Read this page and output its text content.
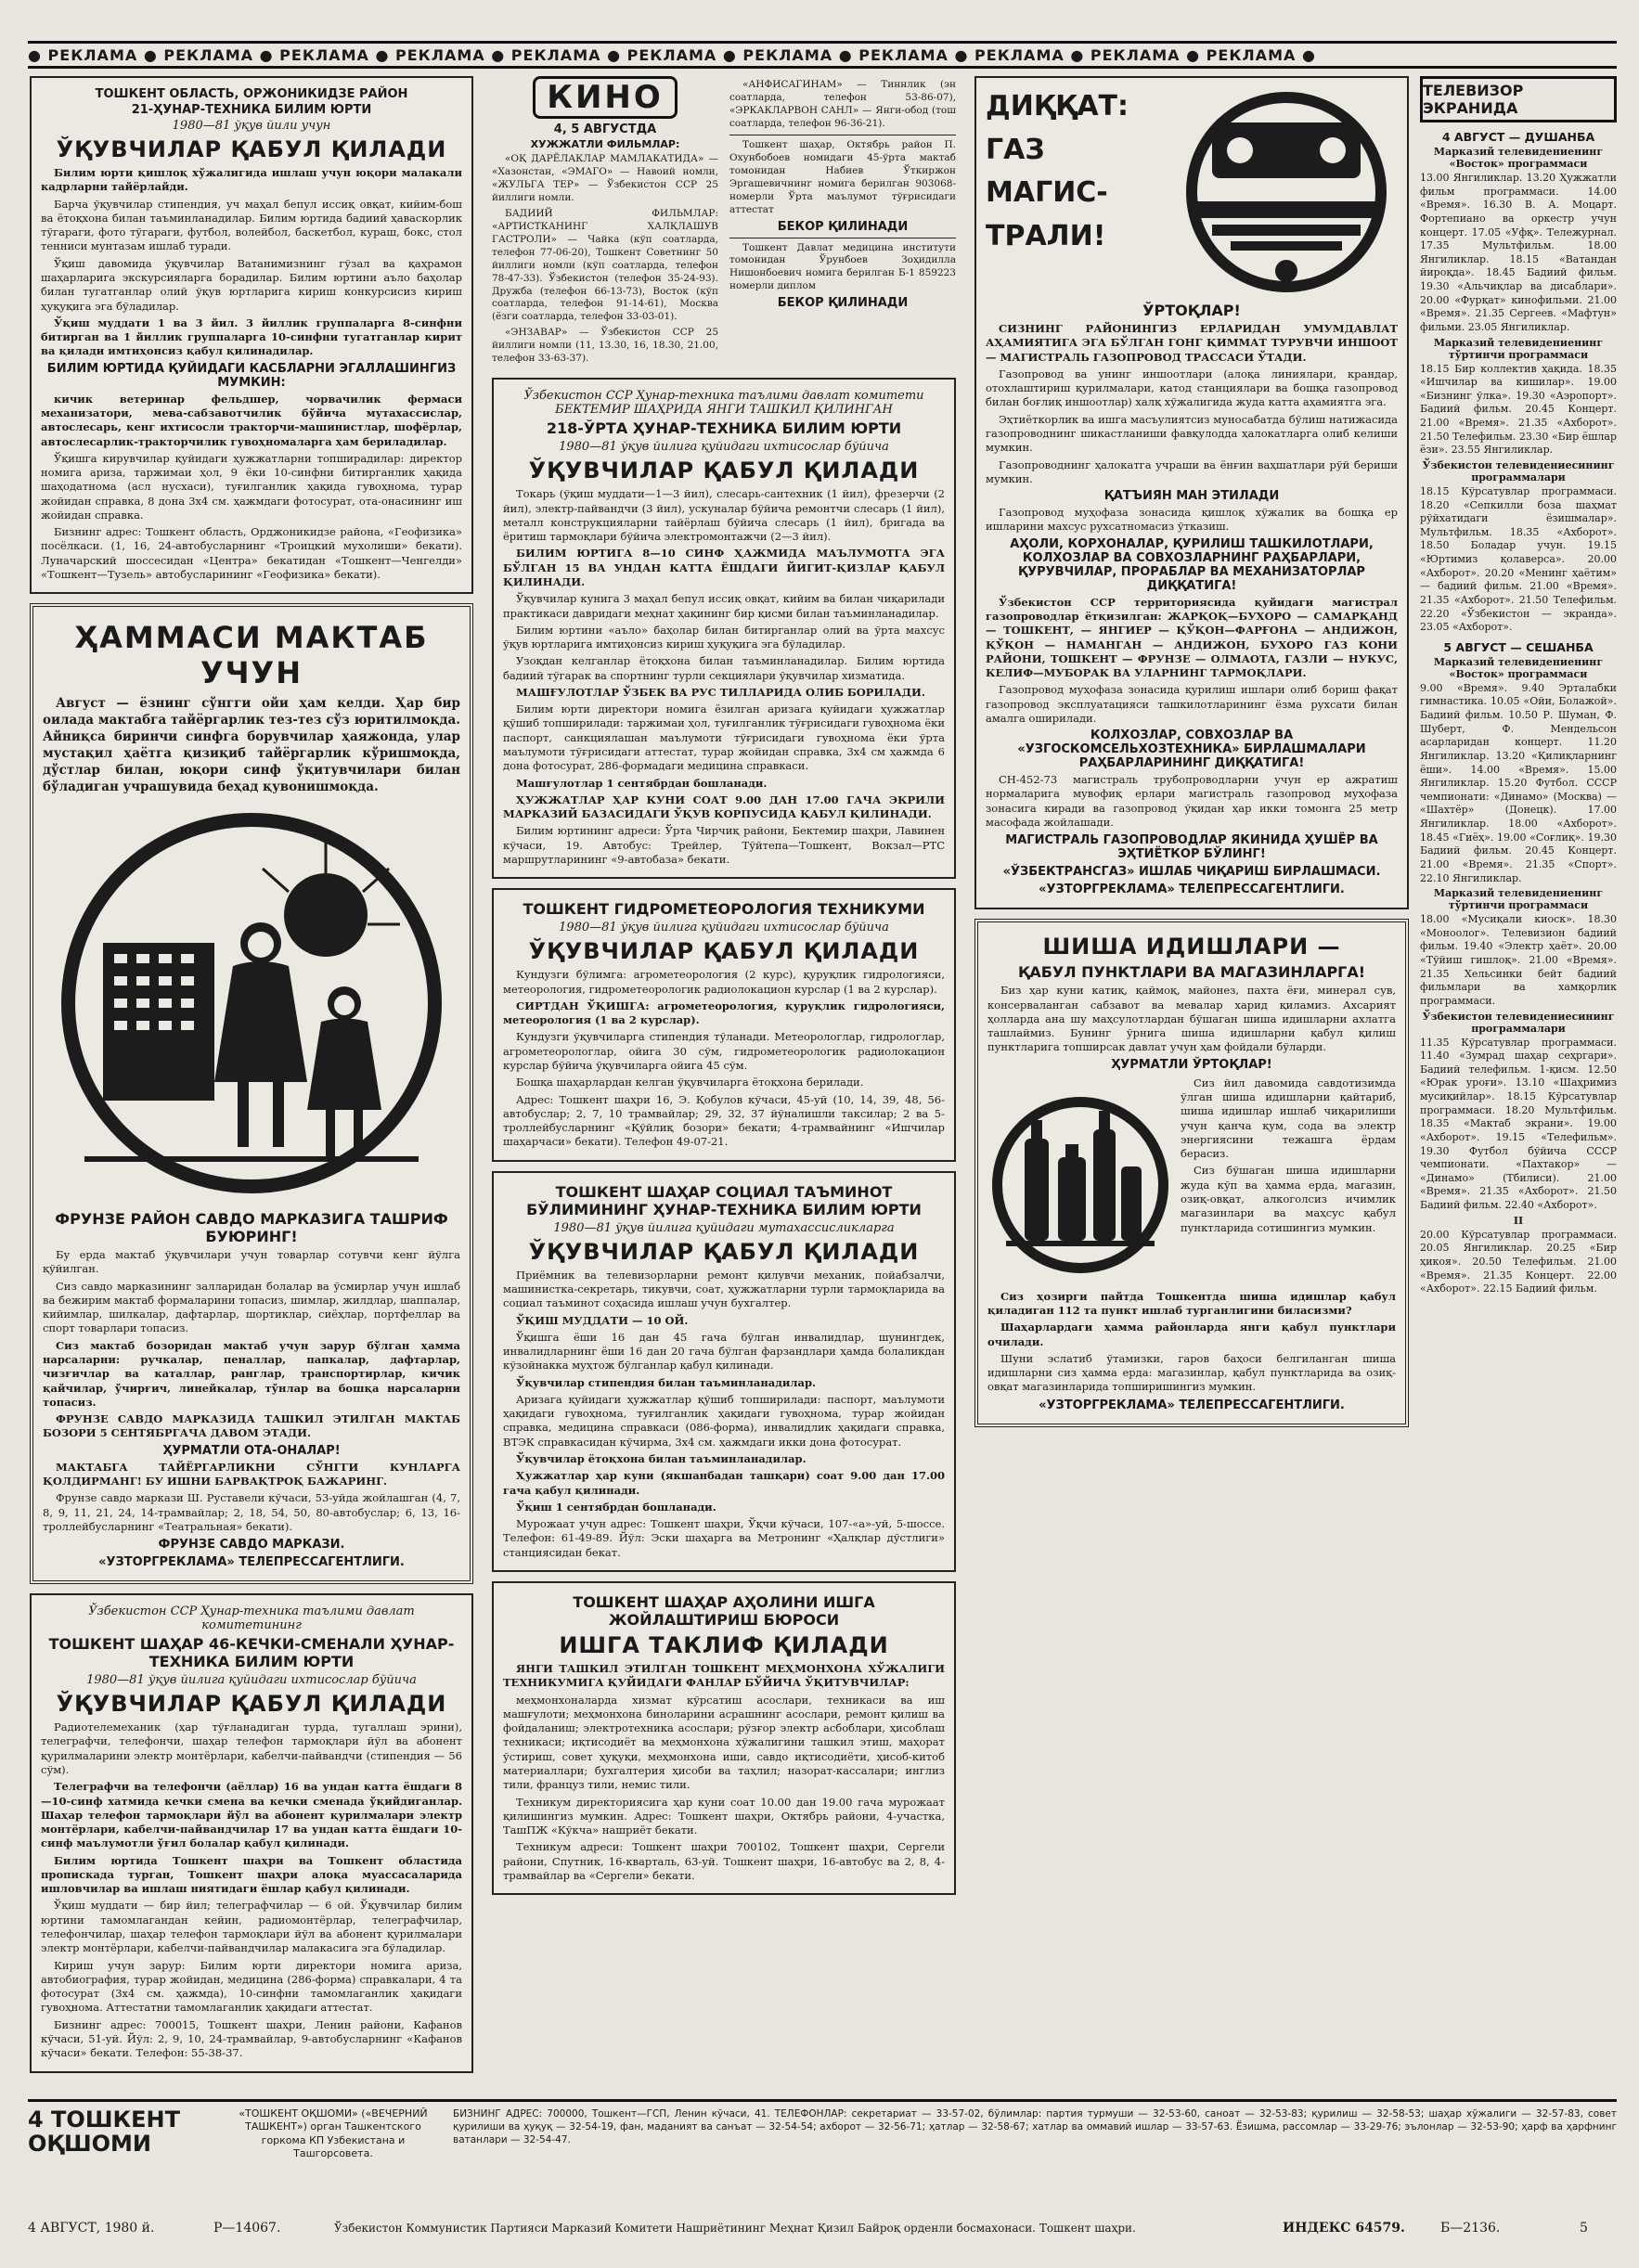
● РЕКЛАМА ● РЕКЛАМА ● РЕКЛАМА ● РЕКЛАМА ● РЕКЛАМА ● РЕКЛАМА ● РЕКЛАМА ● РЕКЛАМА ● РЕКЛАМА ● РЕКЛАМА ● РЕКЛАМА ●
ТОШКЕНТ ОБЛАСТЬ, ОРЖОНИКИДЗЕ РАЙОН
21-ҲУНАР-ТЕХНИКА БИЛИМ ЮРТИ
1980—81 ўқув йили учун
ЎҚУВЧИЛАР ҚАБУЛ ҚИЛАДИ

Билим юрти қишлоқ хўжалигида ишлаш учун юқори малакали кадрларни тайёрлайди.

Барча ўқувчилар стипендия, уч маҳал бепул иссиқ овқат, кийим-бош ва ётоқхона билан таъминланадилар. Билим юртида бадиий ҳаваскорлик тўгараги, фото тўгараги, футбол, волейбол, баскетбол, кураш, бокс, стол тенниси мунтазам ишлаб туради.

Ўқиш давомида ўқувчилар Ватанимизнинг гўзал ва қаҳрамон шаҳарларига экскурсияларга борадилар. Билим юртини аъло баҳолар билан тугатганлар олий ўқув юртларига кириш конкурсисиз кириш ҳуқуқига эга бўладилар.

Ўқиш муддати 1 ва 3 йил. 3 йиллик группаларга 8-синфни битирган ва 1 йиллик группаларга 10-синфни тугатганлар кирит ва қилади имтиҳонсиз қабул қилинадилар.

БИЛИМ ЮРТИДА ҚУЙИДАГИ КАСБЛАРНИ ЭГАЛЛАШИНГИЗ МУМКИН:

кичик ветеринар фельдшер, чорвачилик фермаси механизатори, мева-сабзавотчилик бўйича мутахассислар, автослесарь, кенг ихтисосли тракторчи-машинистлар, шофёрлар, автослесарлик-тракторчилик гувоҳномаларга ҳам бериладилар.

Ўқишга кирувчилар қуйидаги ҳужжатларни топширадилар: директор номига ариза, таржимаи ҳол, 9 ёки 10-синфни битирганлик ҳақида шаҳодатнома (асл нусхаси), туғилганлик ҳақида гувоҳнома, турар жойидан справка, 8 дона 3х4 см. ҳажмдаги фотосурат, ота-онасининг иш жойидан справка.

Бизнинг адрес: Тошкент область, Орджоникидзе района, «Геофизика» посёлкаси. (1, 16, 24-автобусларнинг «Троицкий мухолиши» бекати). Луначарский шоссесидан «Центра» бекатидан «Тошкент—Ченгелди» «Тошкент—Тузель» автобусларининг «Геофизика» бекати).

ҲАММАСИ МАКТАБ УЧУН

Август — ёзнинг сўнгги ойи ҳам келди. Ҳар бир оилада мактабга тайёргарлик тез-тез сўз юритилмоқда. Айниқса биринчи синфга борувчилар ҳаяжонда, улар мустақил ҳаётга қизиқиб тайёргарлик кўришмоқда, дўстлар билан, юқори синф ўқитувчилари билан бўладиган учрашувида беҳад қувонишмоқда.

ФРУНЗЕ РАЙОН САВДО МАРКАЗИГА ТАШРИФ БУЮРИНГ!

Бу ерда мактаб ўқувчилари учун товарлар сотувчи кенг йўлга қўйилган.

Сиз савдо марказининг залларидан болалар ва ўсмирлар учун ишлаб ва бежирим мактаб формаларини топасиз, шимлар, жилдлар, шаппалар, кийимлар, шилкалар, дафтарлар, шортиклар, сиёҳлар, портфеллар ва спорт товарлари топасиз.

Сиз мактаб бозоридан мактаб учун зарур бўлган ҳамма нарсаларни: ручкалар, пеналлар, папкалар, дафтарлар, чизғичлар ва каталлар, ранглар, транспортирлар, кичик қайчилар, ўчирғич, линейкалар, тўнлар ва бошқа нарсаларни топасиз.

ФРУНЗЕ САВДО МАРКАЗИДА ТАШКИЛ ЭТИЛГАН МАКТАБ БОЗОРИ 5 СЕНТЯБРГАЧА ДАВОМ ЭТАДИ.

ҲУРМАТЛИ ОТА-ОНАЛАР!

МАКТАБГА ТАЙЁРГАРЛИКНИ СЎНГГИ КУНЛАРГА ҚОЛДИРМАНГ! БУ ИШНИ БАРВАҚТРОҚ БАЖАРИНГ.

Фрунзе савдо маркази Ш. Руставели кўчаси, 53-уйда жойлашган (4, 7, 8, 9, 11, 21, 24, 14-трамвайлар; 2, 18, 54, 50, 80-автобуслар; 6, 13, 16-троллейбусларнинг «Театральная» бекати).

ФРУНЗЕ САВДО МАРКАЗИ.
«УЗТОРГРЕКЛАМА» ТЕЛЕПРЕССАГЕНТЛИГИ.
Ўзбекистон ССР Ҳунар-техника таълими давлат комитетининг
ТОШКЕНТ ШАҲАР 46-КЕЧКИ-СМЕНАЛИ ҲУНАР-ТЕХНИКА БИЛИМ ЮРТИ
1980—81 ўқув йилига қуйидаги ихтисослар бўйича
ЎҚУВЧИЛАР ҚАБУЛ ҚИЛАДИ

Радиотелемеханик (ҳар тўғланадиган турда, тугаллаш эрини), телеграфчи, телефончи, шаҳар телефон тармоқлари йўл ва абонент қурилмаларини электр монтёрлари, кабелчи-пайвандчи (стипендия — 56 сўм).

Телеграфчи ва телефончи (аёллар) 16 ва ундан катта ёшдаги 8—10-синф хатмида кечки смена ва кечки сменада ўқийдиганлар. Шаҳар телефон тармоқлари йўл ва абонент қурилмалари электр монтёрлари, кабелчи-пайвандчилар 17 ва ундан катта ёшдаги 10-синф маълумотли ўғил болалар қабул қилинади.

Билим юртида Тошкент шаҳри ва Тошкент областида пропискада турган, Тошкент шаҳри алоқа муассасаларида ишловчилар ва ишлаш ниятидаги ёшлар қабул қилинади.

Ўқиш муддати — бир йил; телеграфчилар — 6 ой. Ўқувчилар билим юртини тамомлагандан кейин, радиомонтёрлар, телеграфчилар, телефончилар, шаҳар телефон тармоқлари йўл ва абонент қурилмалари электр монтёрлари, кабелчи-пайвандчилар малакасига эга бўладилар.

Кириш учун зарур: Билим юрти директори номига ариза, автобиография, турар жойидан, медицина (286-форма) справкалари, 4 та фотосурат (3х4 см. ҳажмда), 10-синфни тамомлаганлик ҳақидаги гувоҳнома. Аттестатни тамомлаганлик ҳақидаги аттестат.

Бизнинг адрес: 700015, Тошкент шаҳри, Ленин райони, Кафанов кўчаси, 51-уй. Йўл: 2, 9, 10, 24-трамвайлар, 9-автобусларнинг «Кафанов кўчаси» бекати. Телефон: 55-38-37.

КИНО
4, 5 АВГУСТДА
ХУЖЖАТЛИ ФИЛЬМЛАР:

«ОҚ ДАРЁЛАКЛАР МАМЛАКАТИДА» — «Хазонстан, «ЭМАГО» — Навоий номли, «ЖУЛЬГА ТЕР» — Ўзбекистон ССР 25 йиллиги номли.

БАДИИЙ ФИЛЬМЛАР: «АРТИСТКАНИНГ ХАЛҚЛАШУВ ГАСТРОЛИ» — Чайка (кўп соатларда, телефон 77-06-20), Тошкент Советнинг 50 йиллиги номли (кўп соатларда, телефон 78-47-33). Ўзбекистон (телефон 35-24-93). Дружба (телефон 66-13-73), Восток (кўп соатларда, телефон 91-14-61), Москва (ёзги соатларда, телефон 33-03-01).

«ЭНЗАВАР» — Ўзбекистон ССР 25 йиллиги номли (11, 13.30, 16, 18.30, 21.00, телефон 33-63-37).

«АНФИСАГИНАМ» — Тиннлик (эн соатларда, телефон 53-86-07), «ЭРКАКЛАРВОН САНЛ» — Янги-обод (тош соатларда, телефон 96-36-21).

Тошкент шаҳар, Октябрь район П. Охунбобоев номидаги 45-ўрта мактаб томонидан Набиев Ўткиржон Эргашевичнинг номига берилган 903068-номерли Ўрта маълумот тўғрисидаги аттестат

БЕКОР ҚИЛИНАДИ

Тошкент Давлат медицина институти томонидан Ўрунбоев Зоҳидилла Нишонбоевич номига берилган Б-1 859223 номерли диплом

БЕКОР ҚИЛИНАДИ
Ўзбекистон ССР Ҳунар-техника таълими давлат комитети БЕКТЕМИР ШАҲРИДА ЯНГИ ТАШКИЛ ҚИЛИНГАН
218-ЎРТА ҲУНАР-ТЕХНИКА БИЛИМ ЮРТИ
1980—81 ўқув йилига қуйидаги ихтисослар бўйича
ЎҚУВЧИЛАР ҚАБУЛ ҚИЛАДИ

Токарь (ўқиш муддати—1—3 йил), слесарь-сантехник (1 йил), фрезерчи (2 йил), электр-пайвандчи (3 йил), ускуналар бўйича ремонтчи слесарь (1 йил), металл конструкцияларни тайёрлаш бўйича слесарь (1 йил), бригада ва ёритиш тармоқлари бўйича электромонтажчи (2—3 йил).

БИЛИМ ЮРТИГА 8—10 СИНФ ҲАЖМИДА МАЪЛУМОТГА ЭГА БЎЛГАН 15 ВА УНДАН КАТТА ЁШДАГИ ЙИГИТ-ҚИЗЛАР ҚАБУЛ ҚИЛИНАДИ.

Ўқувчилар кунига 3 маҳал бепул иссиқ овқат, кийим ва билан чиқарилади практикаси давридаги меҳнат ҳақининг бир қисми билан таъминланадилар.

Билим юртини «аъло» баҳолар билан битирганлар олий ва ўрта махсус ўқув юртларига имтиҳонсиз кириш ҳуқуқига эга бўладилар.

Узоқдан келганлар ётоқхона билан таъминланадилар. Билим юртида бадиий тўгарак ва спортнинг турли секциялари ўқувчилар хизматида.

МАШҒУЛОТЛАР ЎЗБЕК ВА РУС ТИЛЛАРИДА ОЛИБ БОРИЛАДИ.

Билим юрти директори номига ёзилган аризага қуйидаги ҳужжатлар қўшиб топширилади: таржимаи ҳол, туғилганлик тўғрисидаги гувоҳнома ёки паспорт, санкциялашан маълумоти тўғрисидаги гувоҳнома ёки ўрта маълумоти тўғрисидаги аттестат, турар жойидан справка, 3х4 см ҳажмда 6 дона фотосурат, 286-формадаги медицина справкаси.

Машғулотлар 1 сентябрдан бошланади.

ҲУЖЖАТЛАР ҲАР КУНИ СОАТ 9.00 ДАН 17.00 ГАЧА ЭКРИЛИ МАРКАЗИЙ БАЗАСИДАГИ ЎҚУВ КОРПУСИДА ҚАБУЛ ҚИЛИНАДИ.

Билим юртининг адреси: Ўрта Чирчиқ райони, Бектемир шаҳри, Лавинен кўчаси, 19. Автобус: Трейлер, Тўйтепа—Тошкент, Вокзал—РТС маршрутларининг «9-автобаза» бекати.

ТОШКЕНТ ГИДРОМЕТЕОРОЛОГИЯ ТЕХНИКУМИ
1980—81 ўқув йилига қуйидаги ихтисослар бўйича
ЎҚУВЧИЛАР ҚАБУЛ ҚИЛАДИ

Кундузги бўлимга: агрометеорология (2 курс), қуруқлик гидрологияси, метеорология, гидрометеорологик радиолокацион курслар (1 ва 2 курслар).

СИРТДАН ЎҚИШГА: агрометеорология, қуруқлик гидрологияси, метеорология (1 ва 2 курслар).

Кундузги ўқувчиларга стипендия тўланади. Метеорологлар, гидрологлар, агрометеорологлар, ойига 30 сўм, гидрометеорологик радиолокацион курслар бўйича ўқувчиларга ойига 45 сўм.

Бошқа шаҳарлардан келган ўқувчиларга ётоқхона берилади.

Адрес: Тошкент шаҳри 16, Э. Қобулов кўчаси, 45-уй (10, 14, 39, 48, 56-автобуслар; 2, 7, 10 трамвайлар; 29, 32, 37 йўналишли таксилар; 2 ва 5-троллейбусларнинг «Қўйлиқ бозори» бекати; 4-трамвайнинг «Ишчилар шаҳарчаси» бекати). Телефон 49-07-21.

ТОШКЕНТ ШАҲАР СОЦИАЛ ТАЪМИНОТ БЎЛИМИНИНГ ҲУНАР-ТЕХНИКА БИЛИМ ЮРТИ
1980—81 ўқув йилига қуйидаги мутахассисликларга
ЎҚУВЧИЛАР ҚАБУЛ ҚИЛАДИ

Приёмник ва телевизорларни ремонт қилувчи механик, пойабзалчи, машинистка-секретарь, тикувчи, соат, ҳужжатларни турли тармоқларида ва социал таъминот соҳасида ишлаш учун бухгалтер.

ЎҚИШ МУДДАТИ — 10 ОЙ.

Ўқишга ёши 16 дан 45 гача бўлган инвалидлар, шунингдек, инвалидларнинг ёши 16 дан 20 гача бўлган фарзандлари ҳамда болаликдан кўзойнакка муҳтож бўлганлар қабул қилинади.

Ўқувчилар стипендия билан таъминланадилар.

Аризага қуйидаги ҳужжатлар қўшиб топширилади: паспорт, маълумоти ҳақидаги гувоҳнома, туғилганлик ҳақидаги гувоҳнома, турар жойидан справка, медицина справкаси (086-форма), инвалидлик ҳақидаги справка, ВТЭК справкасидан кўчирма, 3х4 см. ҳажмдаги икки дона фотосурат.

Ўқувчилар ётоқхона билан таъминланадилар.

Ҳужжатлар ҳар куни (якшанбадан ташқари) соат 9.00 дан 17.00 гача қабул қилинади.

Ўқиш 1 сентябрдан бошланади.

Мурожаат учун адрес: Тошкент шаҳри, Ўқчи кўчаси, 107-«а»-уй, 5-шоссе. Телефон: 61-49-89. Йўл: Эски шаҳарга ва Метронинг «Ҳалқлар дўстлиги» станциясидан бекат.

ТОШКЕНТ ШАҲАР АҲОЛИНИ ИШГА ЖОЙЛАШТИРИШ БЮРОСИ
ИШГА ТАКЛИФ ҚИЛАДИ

ЯНГИ ТАШКИЛ ЭТИЛГАН ТОШКЕНТ МЕҲМОНХОНА ХЎЖАЛИГИ ТЕХНИКУМИГА ҚУЙИДАГИ ФАНЛАР БЎЙИЧА ЎҚИТУВЧИЛАР:

меҳмонхоналарда хизмат кўрсатиш асослари, техникаси ва иш машғулоти; меҳмонхона биноларини асрашнинг асослари, ремонт қилиш ва фойдаланиш; электротехника асослари; рўзғор электр асбоблари, ҳисоблаш техникаси; иқтисодиёт ва меҳмонхона хўжалигини ташкил этиш, маҳорат ўстириш, совет ҳуқуқи, меҳмонхона иши, савдо иқтисодиёти, ҳисоб-китоб материаллари; бухгалтерия ҳисоби ва таҳлил; назорат-кассалари; инглиз тили, француз тили, немис тили.

Техникум директориясига ҳар куни соат 10.00 дан 19.00 гача мурожаат қилишингиз мумкин. Адрес: Тошкент шаҳри, Октябрь райони, 4-участка, ТашПЖ «Кўкча» нашриёт бекати.

Техникум адреси: Тошкент шаҳри 700102, Тошкент шаҳри, Сергели райони, Спутник, 16-кварталь, 63-уй. Тошкент шаҳри, 16-автобус ва 2, 8, 4-трамвайлар ва «Сергели» бекати.

ДИҚҚАТ:
ГАЗ
МАГИС-
ТРАЛИ!
ЎРТОҚЛАР!

СИЗНИНГ РАЙОНИНГИЗ ЕРЛАРИДАН УМУМДАВЛАТ АҲАМИЯТИГА ЭГА БЎЛГАН ГОНГ ҚИММАТ ТУРУВЧИ ИНШООТ — МАГИСТРАЛЬ ГАЗОПРОВОД ТРАССАСИ ЎТАДИ.

Газопровод ва унинг иншоотлари (алоқа линиялари, крандар, отохлаштириш қурилмалари, катод станциялари ва бошқа газопровод билан боғлиқ иншоотлар) халқ хўжалигида жуда катта аҳамиятга эга.

Эҳтиёткорлик ва ишга масъулиятсиз муносабатда бўлиш натижасида газопроводнинг шикастланиши фавқулодда ҳалокатларга олиб келиши мумкин.

Газопроводнинг ҳалокатга учраши ва ёнғин ваҳшатлари рўй бериши мумкин.

ҚАТЪИЯН МАН ЭТИЛАДИ

Газопровод муҳофаза зонасида қишлоқ хўжалик ва бошқа ер ишларини махсус рухсатномасиз ўтказиш.

АҲОЛИ, КОРХОНАЛАР, ҚУРИЛИШ ТАШКИЛОТЛАРИ, КОЛХОЗЛАР ВА СОВХОЗЛАРНИНГ РАҲБАРЛАРИ, ҚУРУВЧИЛАР, ПРОРАБЛАР ВА МЕХАНИЗАТОРЛАР ДИҚҚАТИГА!

Ўзбекистон ССР территориясида қуйидаги магистрал газопроводлар ётқизилган: ЖАРҚОҚ—БУХОРО — САМАРҚАНД — ТОШКЕНТ, — ЯНГИЕР — ҚЎҚОН—ФАРҒОНА — АНДИЖОН, ҚЎҚОН — НАМАНГАН — АНДИЖОН, БУХОРО ГАЗ КОНИ РАЙОНИ, ТОШКЕНТ — ФРУНЗЕ — ОЛМАОТА, ГАЗЛИ — НУКУС, КЕЛИФ—МУБОРАК ВА УЛАРНИНГ ТАРМОҚЛАРИ.

Газопровод муҳофаза зонасида қурилиш ишлари олиб бориш фақат газопровод эксплуатацияси ташкилотларининг ёзма рухсати билан амалга оширилади.

КОЛХОЗЛАР, СОВХОЗЛАР ВА «УЗГОСКОМСЕЛЬХОЗТЕХНИКА» БИРЛАШМАЛАРИ РАҲБАРЛАРИНИНГ ДИҚҚАТИГА!

СН-452-73 магистраль трубопроводларни учун ер ажратиш нормаларига мувофиқ ерлари магистраль газопровод муҳофаза зонасига киради ва газопровод ўқидан ҳар икки томонга 25 метр масофада жойлашади.

МАГИСТРАЛЬ ГАЗОПРОВОДЛАР ЯКИНИДА ҲУШЁР ВА ЭҲТИЁТКОР БЎЛИНГ!
«ЎЗБЕКТРАНСГАЗ» ИШЛАБ ЧИҚАРИШ БИРЛАШМАСИ.
«УЗТОРГРЕКЛАМА» ТЕЛЕПРЕССАГЕНТЛИГИ.
ШИША ИДИШЛАРИ —
ҚАБУЛ ПУНКТЛАРИ ВА МАГАЗИНЛАРГА!

Биз ҳар куни катиқ, қаймоқ, майонез, пахта ёғи, минерал сув, консерваланган сабзавот ва мевалар харид қиламиз. Ахсарият ҳолларда ана шу маҳсулотлардан бўшаган шиша идишларни ахлатга ташлаймиз. Бунинг ўрнига шиша идишларни қабул қилиш пунктларига топширсак давлат учун ҳам фойдали бўларди.

ҲУРМАТЛИ ЎРТОҚЛАР!

Сиз йил давомида савдотизимда ўлган шиша идишларни қайтариб, шиша идишлар ишлаб чиқарилиши учун қанча қум, сода ва электр энергиясини тежашга ёрдам берасиз.

Сиз бўшаган шиша идишларни жуда кўп ва ҳамма ерда, магазин, озиқ-овқат, алкоголсиз ичимлик магазинлари ва маҳсус қабул пунктларида сотишингиз мумкин.

Сиз ҳозирги пайтда Тошкентда шиша идишлар қабул қиладиган 112 та пункт ишлаб турганлигини биласизми?

Шаҳарлардаги ҳамма районларда янги қабул пунктлари очилади.

Шуни эслатиб ўтамизки, гаров баҳоси белгиланган шиша идишларни сиз ҳамма ерда: магазинлар, қабул пунктларида ва озиқ-овқат магазинларида топширишингиз мумкин.

«УЗТОРГРЕКЛАМА» ТЕЛЕПРЕССАГЕНТЛИГИ.
ТЕЛЕВИЗОР ЭКРАНИДА
4 АВГУСТ — ДУШАНБА
Марказий телевидениенинг «Восток» программаси

13.00 Янгиликлар. 13.20 Ҳужжатли фильм программаси. 14.00 «Время». 16.30 В. А. Моцарт. Фортепиано ва оркестр учун концерт. 17.05 «Уфқ». Тележурнал. 17.35 Мультфильм. 18.00 Янгиликлар. 18.15 «Ватандан йироқда». 18.45 Бадиий фильм. 19.30 «Альчиқлар ва дисаблари». 20.00 «Фурқат» кинофильми. 21.00 «Время». 21.35 Сергеев. «Мафтун» фильми. 23.05 Янгиликлар.

Марказий телевидениенинг тўртинчи программаси

18.15 Бир коллектив ҳақида. 18.35 «Ишчилар ва кишилар». 19.00 «Бизнинг ўлка». 19.30 «Аэропорт». Бадиий фильм. 20.45 Концерт. 21.00 «Время». 21.35 «Ахборот». 21.50 Телефильм. 23.30 «Бир ёшлар ёзи». 23.55 Янгиликлар.

Ўзбекистон телевидениесининг программалари

18.15 Кўрсатувлар программаси. 18.20 «Сепкилли боза шаҳмат рўйхатидаги ёзишмалар». Мультфильм. 18.35 «Ахборот». 18.50 Боладар учун. 19.15 «Юртимиз қолаверса». 20.00 «Ахборот». 20.20 «Менинг ҳаётим» — бадиий фильм. 21.00 «Время». 21.35 «Ахборот». 21.50 Телефильм. 22.20 «Ўзбекистон — экранда». 23.05 «Ахборот».

5 АВГУСТ — СЕШАНБА
Марказий телевидениенинг «Восток» программаси

9.00 «Время». 9.40 Эрталабки гимнастика. 10.05 «Ойи, Болажой». Бадиий фильм. 10.50 Р. Шуман, Ф. Шуберт, Ф. Мендельсон асарларидан концерт. 11.20 Янгиликлар. 13.20 «Қилиқларнинг ёши». 14.00 «Время». 15.00 Янгиликлар. 15.20 Футбол. СССР чемпионати: «Динамо» (Москва) — «Шахтёр» (Донецк). 17.00 Янгиликлар. 18.00 «Ахборот». 18.45 «Гиёҳ». 19.00 «Соғлиқ». 19.30 Бадиий фильм. 20.45 Концерт. 21.00 «Время». 21.35 «Спорт». 22.10 Янгиликлар.

Марказий телевидениенинг тўртинчи программаси

18.00 «Мусиқали киоск». 18.30 «Моноолог». Телевизион бадиий фильм. 19.40 «Электр ҳаёт». 20.00 «Тўйиш гишлоқ». 21.00 «Время». 21.35 Хельсинки бейт бадиий фильмлари ва хамқорлик программаси.

Ўзбекистон телевидениесининг программалари

11.35 Кўрсатувлар программаси. 11.40 «Зумрад шаҳар сеҳргари». Бадиий телефильм. 1-қисм. 12.50 «Юрак уроғи». 13.10 «Шаҳримиз мусиқийлар». 18.15 Кўрсатувлар программаси. 18.20 Мультфильм. 18.35 «Мактаб экрани». 19.00 «Ахборот». 19.15 «Телефильм». 19.30 Футбол бўйича СССР чемпионати. «Пахтакор» — «Динамо» (Тбилиси). 21.00 «Время». 21.35 «Ахборот». 21.50 Бадиий фильм. 22.40 «Ахборот».

II

20.00 Кўрсатувлар программаси. 20.05 Янгиликлар. 20.25 «Бир ҳикоя». 20.50 Телефильм. 21.00 «Время». 21.35 Концерт. 22.00 «Ахборот». 22.15 Бадиий фильм.

4 ТОШКЕНТ ОҚШОМИ
«ТОШКЕНТ ОҚШОМИ» («ВЕЧЕРНИЙ ТАШКЕНТ») орган Ташкентского горкома КП Узбекистана и Ташгорсовета.
БИЗНИНГ АДРЕС: 700000, Тошкент—ГСП, Ленин кўчаси, 41. ТЕЛЕФОНЛАР: секретариат — 33-57-02, бўлимлар: партия турмуши — 32-53-60, саноат — 32-53-83; қурилиш — 32-58-53; шаҳар хўжалиги — 32-57-83, совет қурилиши ва ҳуқуқ — 32-54-19, фан, маданият ва санъат — 32-54-54; ахборот — 32-56-71; ҳатлар — 32-58-67; хатлар ва оммавий ишлар — 33-57-63. Ёзишма, рассомлар — 33-29-76; эълонлар — 32-53-90; ҳарф ва ҳарфнинг ватанлари — 32-54-47.
4 АВГУСТ, 1980 й.	Р—14067.	Ўзбекистон Коммунистик Партияси Марказий Комитети Нашриётининг Меҳнат Қизил Байроқ орденли босмахонаси. Тошкент шаҳри.	ИНДЕКС 64579.	Б—2136.	5
